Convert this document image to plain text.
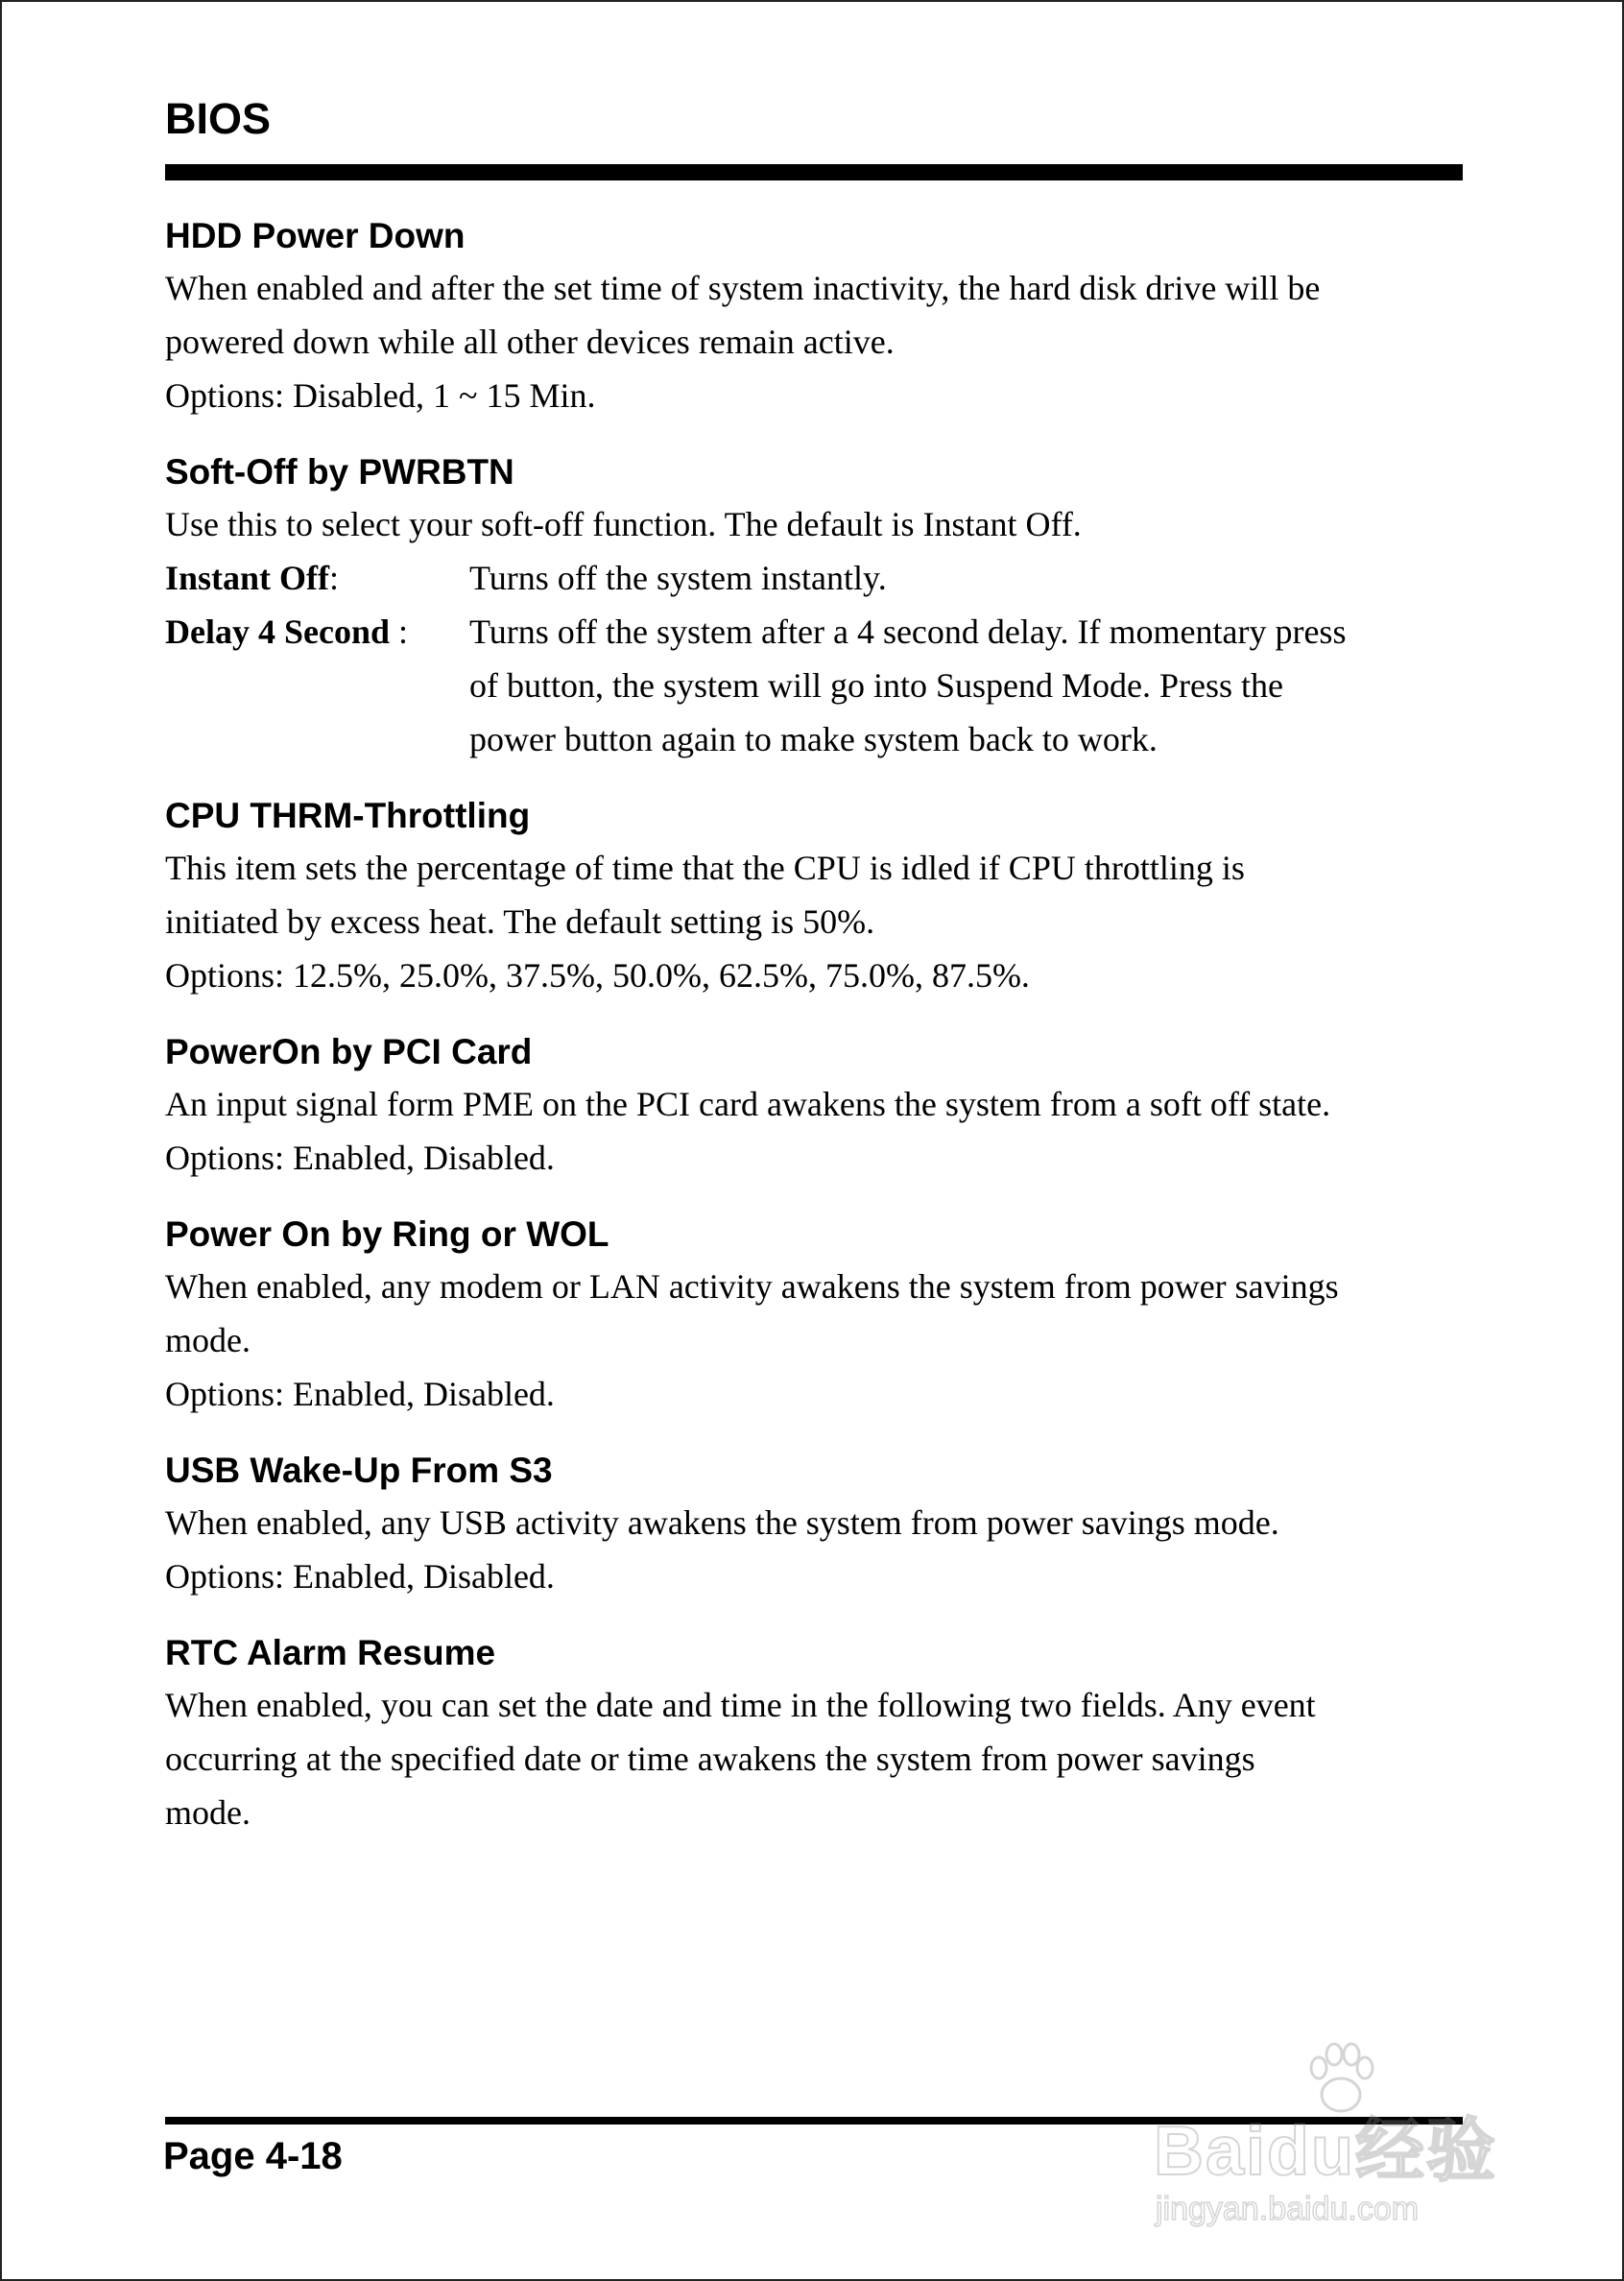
BIOS
HDD Power Down
When enabled and after the set time of system inactivity, the hard disk drive will be
powered down while all other devices remain active.
Options: Disabled, 1 ~ 15 Min.
Soft-Off by PWRBTN
Use this to select your soft-off function. The default is Instant Off.
Instant Off:	Turns off the system instantly.
Delay 4 Second :	Turns off the system after a 4 second delay. If momentary press
of button, the system will go into Suspend Mode. Press the
power button again to make system back to work.
CPU THRM-Throttling
This item sets the percentage of time that the CPU is idled if CPU throttling is
initiated by excess heat. The default setting is 50%.
Options: 12.5%, 25.0%, 37.5%, 50.0%, 62.5%, 75.0%, 87.5%.
PowerOn by PCI Card
An input signal form PME on the PCI card awakens the system from a soft off state.
Options: Enabled, Disabled.
Power On by Ring or WOL
When enabled, any modem or LAN activity awakens the system from power savings
mode.
Options: Enabled, Disabled.
USB Wake-Up From S3
When enabled, any USB activity awakens the system from power savings mode.
Options: Enabled, Disabled.
RTC Alarm Resume
When enabled, you can set the date and time in the following two fields. Any event
occurring at the specified date or time awakens the system from power savings
mode.
Page 4-18	Baidu经验
jingyan.baidu.com
